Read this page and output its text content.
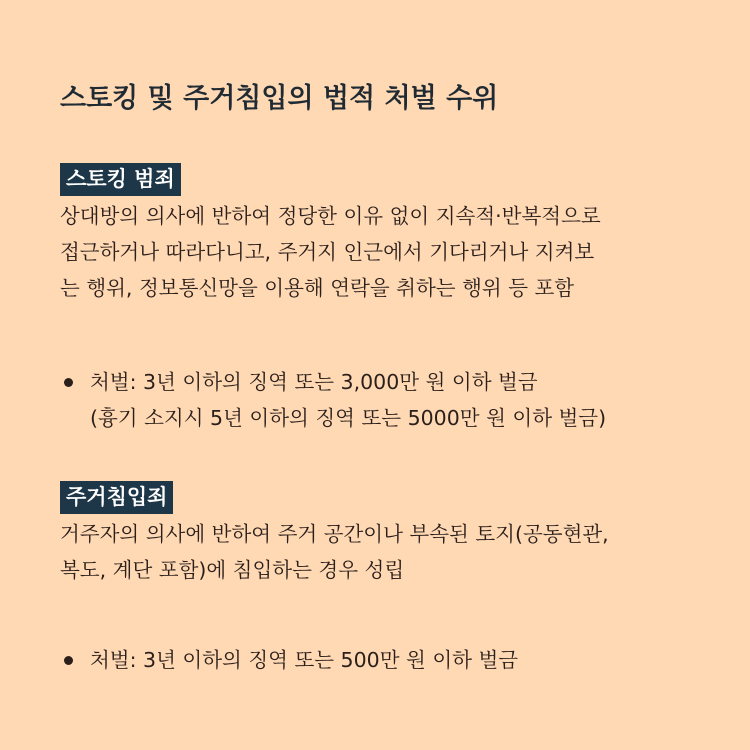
스토킹 및 주거침입의 법적 처벌 수위
스토킹 범죄

상대방의 의사에 반하여 정당한 이유 없이 지속적·반복적으로
접근하거나 따라다니고, 주거지 인근에서 기다리거나 지켜보
는 행위, 정보통신망을 이용해 연락을 취하는 행위 등 포함

처벌: 3년 이하의 징역 또는 3,000만 원 이하 벌금
(흉기 소지시 5년 이하의 징역 또는 5000만 원 이하 벌금)
주거침입죄

거주자의 의사에 반하여 주거 공간이나 부속된 토지(공동현관,
복도, 계단 포함)에 침입하는 경우 성립

처벌: 3년 이하의 징역 또는 500만 원 이하 벌금
